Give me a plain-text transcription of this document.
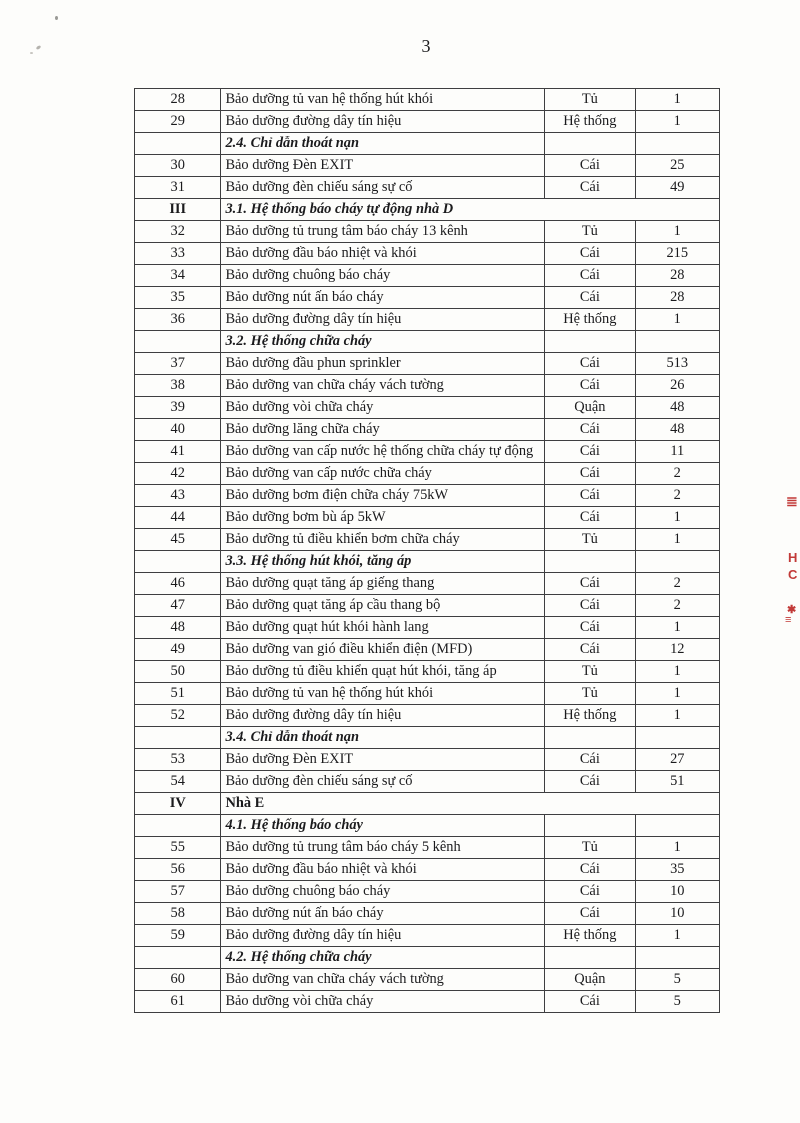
3
28	Bảo dưỡng tủ van hệ thống hút khói	Tủ	1
29	Bảo dưỡng đường dây tín hiệu	Hệ thống	1
	2.4. Chỉ dẫn thoát nạn		
30	Bảo dưỡng Đèn EXIT	Cái	25
31	Bảo dưỡng đèn chiếu sáng sự cố	Cái	49
III	3.1. Hệ thống báo cháy tự động nhà D		
32	Bảo dưỡng tủ trung tâm báo cháy 13 kênh	Tủ	1
33	Bảo dưỡng đầu báo nhiệt và khói	Cái	215
34	Bảo dưỡng chuông báo cháy	Cái	28
35	Bảo dưỡng nút ấn báo cháy	Cái	28
36	Bảo dưỡng đường dây tín hiệu	Hệ thống	1
	3.2. Hệ thống chữa cháy		
37	Bảo dưỡng đầu phun sprinkler	Cái	513
38	Bảo dưỡng van chữa cháy vách tường	Cái	26
39	Bảo dưỡng vòi chữa cháy	Quận	48
40	Bảo dưỡng lăng chữa cháy	Cái	48
41	Bảo dưỡng van cấp nước hệ thống chữa cháy tự động	Cái	11
42	Bảo dưỡng van cấp nước chữa cháy	Cái	2
43	Bảo dưỡng bơm điện chữa cháy 75kW	Cái	2
44	Bảo dưỡng bơm bù áp 5kW	Cái	1
45	Bảo dưỡng tủ điều khiển bơm chữa cháy	Tủ	1
	3.3. Hệ thống hút khói, tăng áp		
46	Bảo dưỡng quạt tăng áp giếng thang	Cái	2
47	Bảo dưỡng quạt tăng áp cầu thang bộ	Cái	2
48	Bảo dưỡng quạt hút khói hành lang	Cái	1
49	Bảo dưỡng van gió điều khiển điện (MFD)	Cái	12
50	Bảo dưỡng tủ điều khiển quạt hút khói, tăng áp	Tủ	1
51	Bảo dưỡng tủ van hệ thống hút khói	Tủ	1
52	Bảo dưỡng đường dây tín hiệu	Hệ thống	1
	3.4. Chỉ dẫn thoát nạn		
53	Bảo dưỡng Đèn EXIT	Cái	27
54	Bảo dưỡng đèn chiếu sáng sự cố	Cái	51
IV	Nhà E		
	4.1. Hệ thống báo cháy		
55	Bảo dưỡng tủ trung tâm báo cháy 5 kênh	Tủ	1
56	Bảo dưỡng đầu báo nhiệt và khói	Cái	35
57	Bảo dưỡng chuông báo cháy	Cái	10
58	Bảo dưỡng nút ấn báo cháy	Cái	10
59	Bảo dưỡng đường dây tín hiệu	Hệ thống	1
	4.2. Hệ thống chữa cháy		
60	Bảo dưỡng van chữa cháy vách tường	Quận	5
61	Bảo dưỡng vòi chữa cháy	Cái	5
≣
H
C
✱
≡
